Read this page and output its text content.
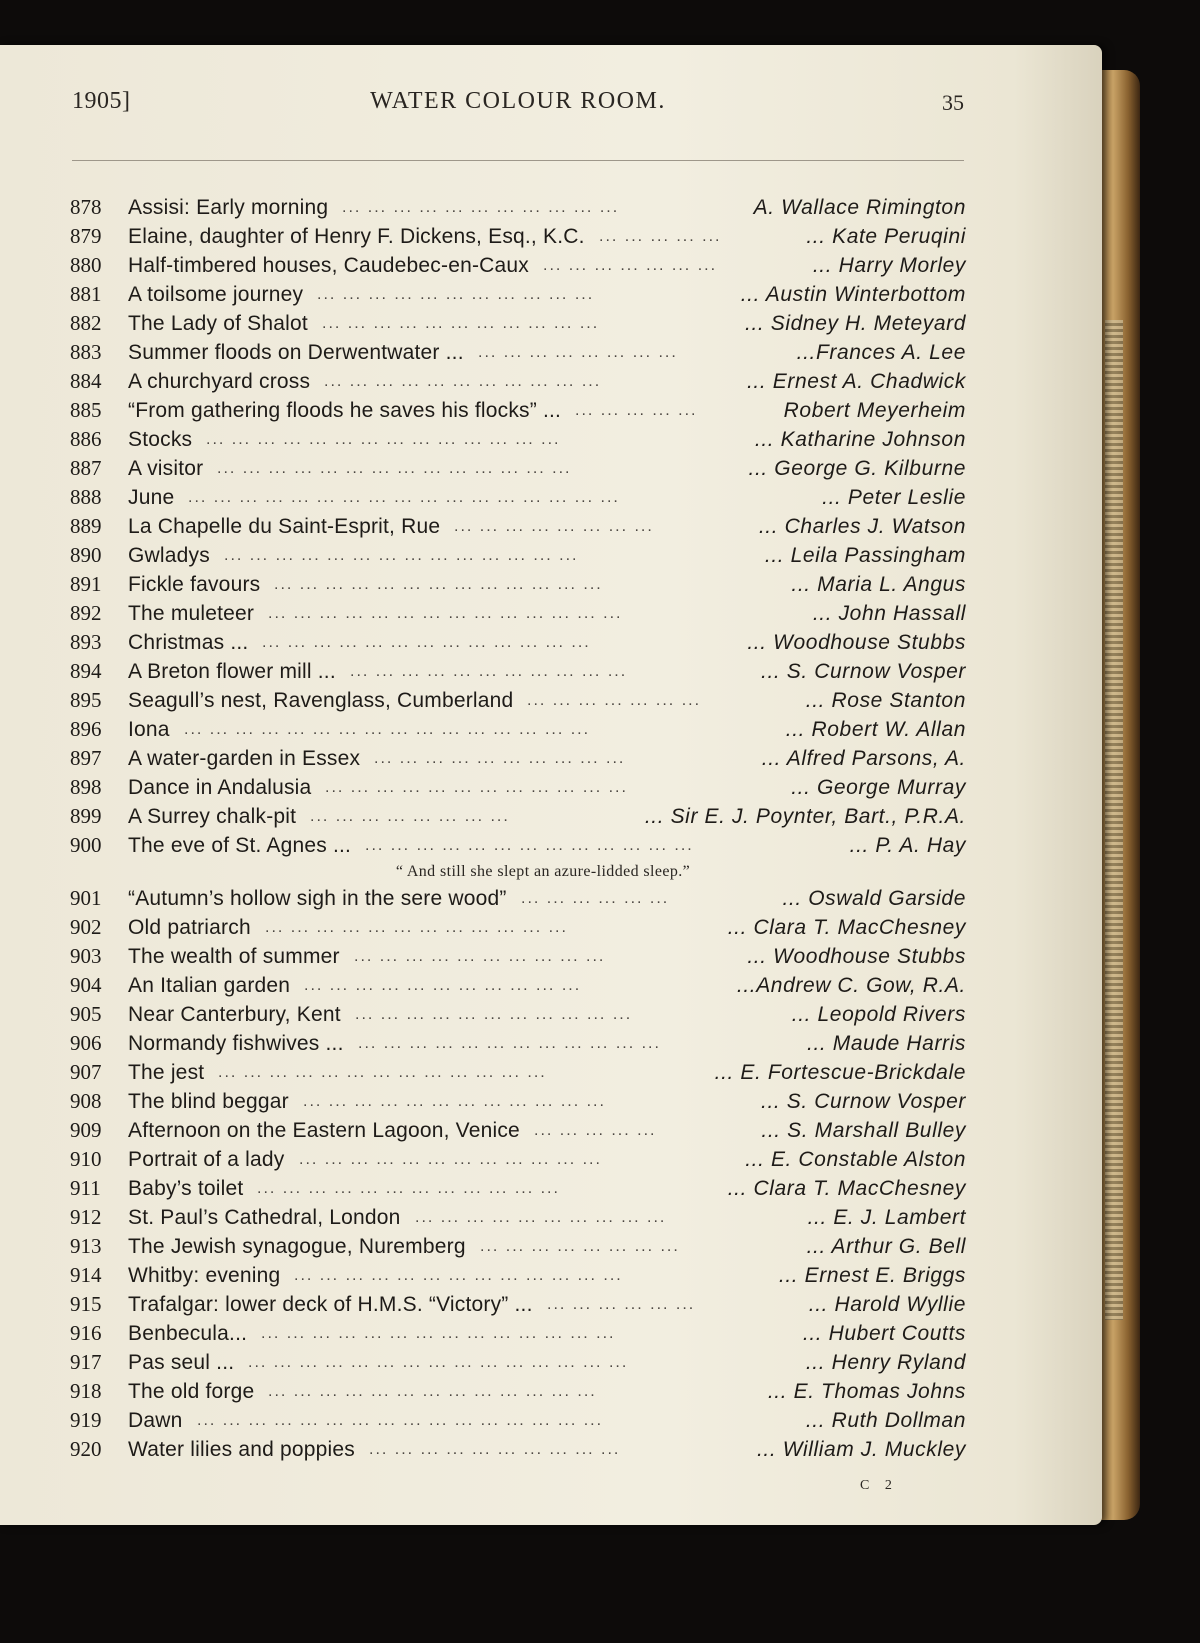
1905]	WATER COLOUR ROOM.	35
878	Assisi: Early morning ... ... ... ... ... ... ... ... ... ... ...	A. Wallace Rimington
879	Elaine, daughter of Henry F. Dickens, Esq., K.C. ... ... ... ... ...	... Kate Peruqini
880	Half-timbered houses, Caudebec-en-Caux ... ... ... ... ... ... ...	... Harry Morley
881	A toilsome journey ... ... ... ... ... ... ... ... ... ... ...	... Austin Winterbottom
882	The Lady of Shalot ... ... ... ... ... ... ... ... ... ... ...	... Sidney H. Meteyard
883	Summer floods on Derwentwater ... ... ... ... ... ... ... ... ...	...Frances A. Lee
884	A churchyard cross ... ... ... ... ... ... ... ... ... ... ...	... Ernest A. Chadwick
885	“From gathering floods he saves his flocks” ... ... ... ... ... ...	Robert Meyerheim
886	Stocks ... ... ... ... ... ... ... ... ... ... ... ... ... ...	... Katharine Johnson
887	A visitor ... ... ... ... ... ... ... ... ... ... ... ... ... ...	... George G. Kilburne
888	June ... ... ... ... ... ... ... ... ... ... ... ... ... ... ... ... ...	... Peter Leslie
889	La Chapelle du Saint-Esprit, Rue ... ... ... ... ... ... ... ...	... Charles J. Watson
890	Gwladys ... ... ... ... ... ... ... ... ... ... ... ... ... ...	... Leila Passingham
891	Fickle favours ... ... ... ... ... ... ... ... ... ... ... ... ...	... Maria L. Angus
892	The muleteer ... ... ... ... ... ... ... ... ... ... ... ... ... ...	... John Hassall
893	Christmas ... ... ... ... ... ... ... ... ... ... ... ... ... ...	... Woodhouse Stubbs
894	A Breton flower mill ... ... ... ... ... ... ... ... ... ... ... ...	... S. Curnow Vosper
895	Seagull’s nest, Ravenglass, Cumberland ... ... ... ... ... ... ...	... Rose Stanton
896	Iona ... ... ... ... ... ... ... ... ... ... ... ... ... ... ... ...	... Robert W. Allan
897	A water-garden in Essex ... ... ... ... ... ... ... ... ... ...	... Alfred Parsons, A.
898	Dance in Andalusia ... ... ... ... ... ... ... ... ... ... ... ...	... George Murray
899	A Surrey chalk-pit ... ... ... ... ... ... ... ...	... Sir E. J. Poynter, Bart., P.R.A.
900	The eve of St. Agnes ... ... ... ... ... ... ... ... ... ... ... ... ... ...	... P. A. Hay
“ And still she slept an azure-lidded sleep.”
901	“Autumn’s hollow sigh in the sere wood” ... ... ... ... ... ...	... Oswald Garside
902	Old patriarch ... ... ... ... ... ... ... ... ... ... ... ...	... Clara T. MacChesney
903	The wealth of summer ... ... ... ... ... ... ... ... ... ...	... Woodhouse Stubbs
904	An Italian garden ... ... ... ... ... ... ... ... ... ... ...	...Andrew C. Gow, R.A.
905	Near Canterbury, Kent ... ... ... ... ... ... ... ... ... ... ...	... Leopold Rivers
906	Normandy fishwives ... ... ... ... ... ... ... ... ... ... ... ... ...	... Maude Harris
907	The jest ... ... ... ... ... ... ... ... ... ... ... ... ...	... E. Fortescue-Brickdale
908	The blind beggar ... ... ... ... ... ... ... ... ... ... ... ...	... S. Curnow Vosper
909	Afternoon on the Eastern Lagoon, Venice ... ... ... ... ...	... S. Marshall Bulley
910	Portrait of a lady ... ... ... ... ... ... ... ... ... ... ... ...	... E. Constable Alston
911	Baby’s toilet ... ... ... ... ... ... ... ... ... ... ... ...	... Clara T. MacChesney
912	St. Paul’s Cathedral, London ... ... ... ... ... ... ... ... ... ...	... E. J. Lambert
913	The Jewish synagogue, Nuremberg ... ... ... ... ... ... ... ...	... Arthur G. Bell
914	Whitby: evening ... ... ... ... ... ... ... ... ... ... ... ... ...	... Ernest E. Briggs
915	Trafalgar: lower deck of H.M.S. “Victory” ... ... ... ... ... ... ...	... Harold Wyllie
916	Benbecula... ... ... ... ... ... ... ... ... ... ... ... ... ... ...	... Hubert Coutts
917	Pas seul ... ... ... ... ... ... ... ... ... ... ... ... ... ... ... ...	... Henry Ryland
918	The old forge ... ... ... ... ... ... ... ... ... ... ... ... ...	... E. Thomas Johns
919	Dawn ... ... ... ... ... ... ... ... ... ... ... ... ... ... ... ...	... Ruth Dollman
920	Water lilies and poppies ... ... ... ... ... ... ... ... ... ...	... William J. Muckley
C 2
